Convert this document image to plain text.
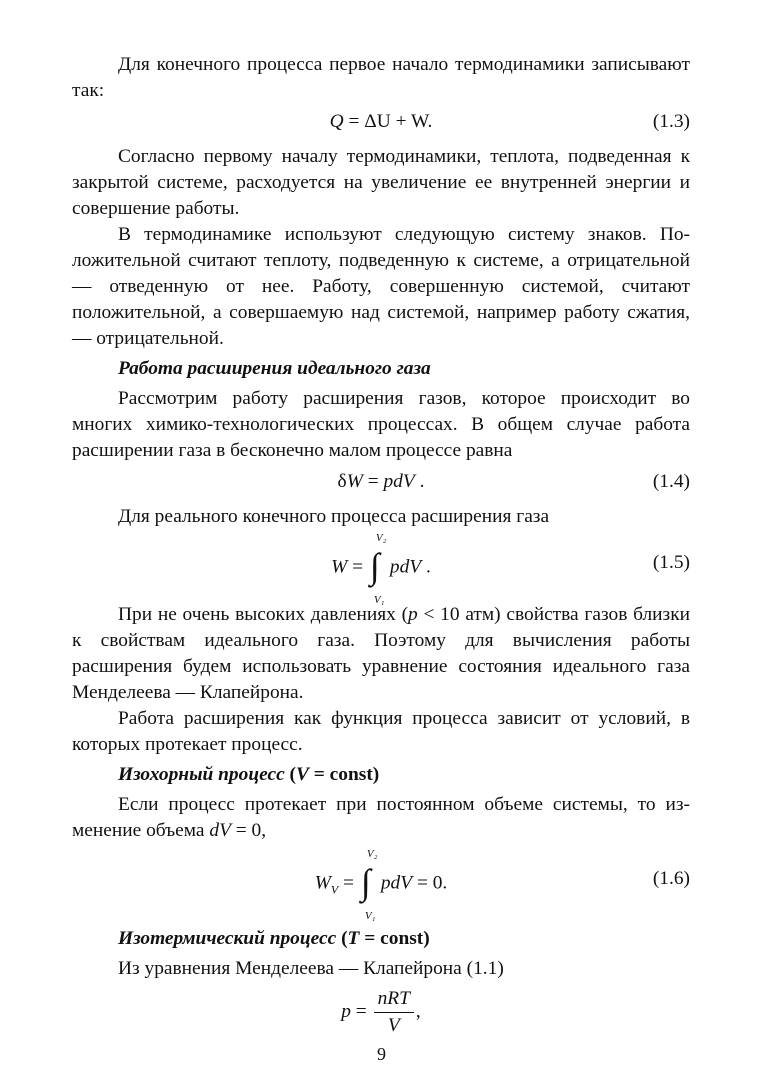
Для конечного процесса первое начало термодинамики записывают так:

Q = ΔU + W.	(1.3)

Согласно первому началу термодинамики, теплота, подведенная к закрытой системе, расходуется на увеличение ее внутренней энергии и совершение работы.

В термодинамике используют следующую систему знаков. Положительной считают теплоту, подведенную к системе, а отрицательной — отведенную от нее. Работу, совершенную системой, считают положительной, а совершаемую над системой, например работу сжатия, — отрицательной.

Работа расширения идеального газа

Рассмотрим работу расширения газов, которое происходит во многих химико-технологических процессах. В общем случае работа расширении газа в бесконечно малом процессе равна

δW = pdV .	(1.4)

Для реального конечного процесса расширения газа

W = ∫
V₂
V₁
pdV .	(1.5)

При не очень высоких давлениях (p < 10 атм) свойства газов близки к свойствам идеального газа. Поэтому для вычисления работы расширения будем использовать уравнение состояния идеального газа Менделеева — Клапейрона.

Работа расширения как функция процесса зависит от условий, в которых протекает процесс.

Изохорный процесс (V = const)

Если процесс протекает при постоянном объеме системы, то изменение объема dV = 0,

$W_V$ = ∫
V₂
V₁
pdV = 0.	(1.6)
Изотермический процесс (T = const)

Из уравнения Менделеева — Клапейрона (1.1)

$p = \frac{\text{nRT}}{V}$ ,
9
